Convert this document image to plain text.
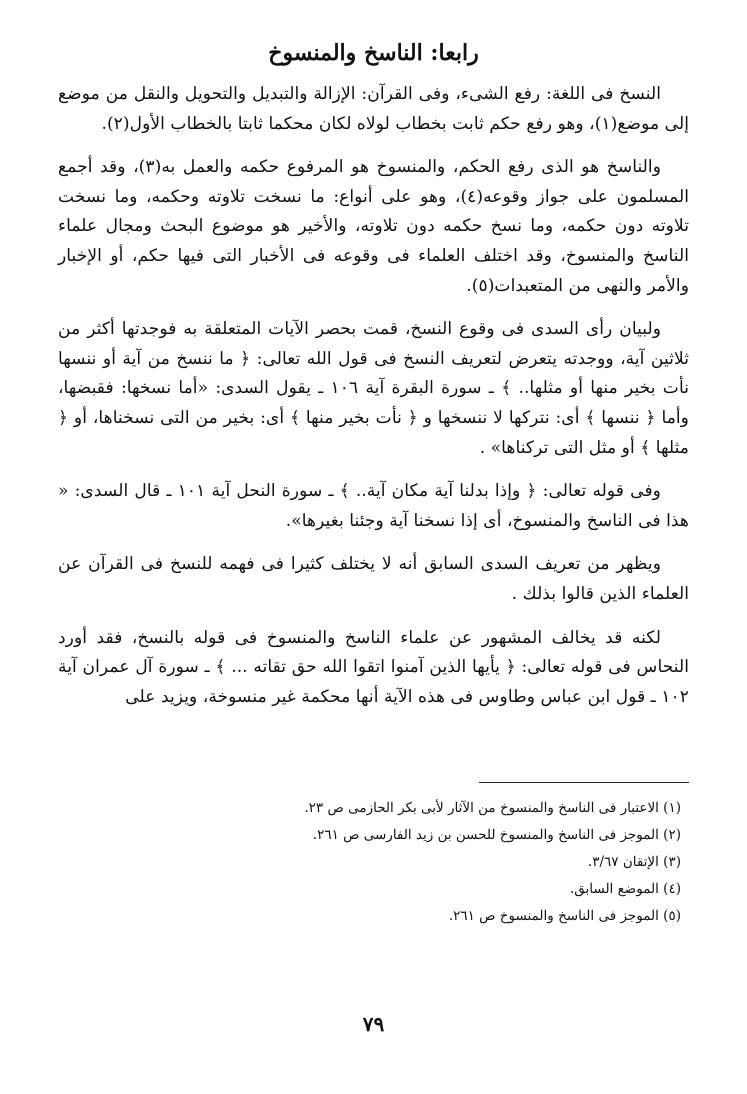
رابعا: الناسخ والمنسوخ

النسخ فى اللغة: رفع الشىء، وفى القرآن: الإزالة والتبديل والتحويل والنقل من موضع إلى موضع(١)، وهو رفع حكم ثابت بخطاب لولاه لكان محكما ثابتا بالخطاب الأول(٢).

والناسخ هو الذى رفع الحكم، والمنسوخ هو المرفوع حكمه والعمل به(٣)، وقد أجمع المسلمون على جواز وقوعه(٤)، وهو على أنواع: ما نسخت تلاوته وحكمه، وما نسخت تلاوته دون حكمه، وما نسخ حكمه دون تلاوته، والأخير هو موضوع البحث ومجال علماء الناسخ والمنسوخ، وقد اختلف العلماء فى وقوعه فى الأخبار التى فيها حكم، أو الإخبار والأمر والنهى من المتعبدات(٥).

ولبيان رأى السدى فى وقوع النسخ، قمت بحصر الآيات المتعلقة به فوجدتها أكثر من ثلاثين آية، ووجدته يتعرض لتعريف النسخ فى قول الله تعالى: ﴿ ما ننسخ من آية أو ننسها نأت بخير منها أو مثلها.. ﴾ ـ سورة البقرة آية ١٠٦ ـ يقول السدى: «أما نسخها: فقبضها، وأما ﴿ ننسها ﴾ أى: نتركها لا ننسخها و ﴿ نأت بخير منها ﴾ أى: بخير من التى نسخناها، أو ﴿ مثلها ﴾ أو مثل التى تركناها» .

وفى قوله تعالى: ﴿ وإذا بدلنا آية مكان آية.. ﴾ ـ سورة النحل آية ١٠١ ـ قال السدى: « هذا فى الناسخ والمنسوخ، أى إذا نسخنا آية وجئنا بغيرها».

ويظهر من تعريف السدى السابق أنه لا يختلف كثيرا فى فهمه للنسخ فى القرآن عن العلماء الذين قالوا بذلك .

لكنه قد يخالف المشهور عن علماء الناسخ والمنسوخ فى قوله بالنسخ، فقد أورد النحاس فى قوله تعالى: ﴿ يأيها الذين آمنوا اتقوا الله حق تقاته ... ﴾ ـ سورة آل عمران آية ١٠٢ ـ قول ابن عباس وطاوس فى هذه الآية أنها محكمة غير منسوخة، ويزيد على

(١) الاعتبار فى الناسخ والمنسوخ من الآثار لأبى بكر الحازمى ص ٢٣.
(٢) الموجز فى الناسخ والمنسوخ للحسن بن زيد الفارسى ص ٢٦١.
(٣) الإتقان ٣/٦٧.
(٤) الموضع السابق.
(٥) الموجز فى الناسخ والمنسوخ ص ٢٦١.
٧٩
